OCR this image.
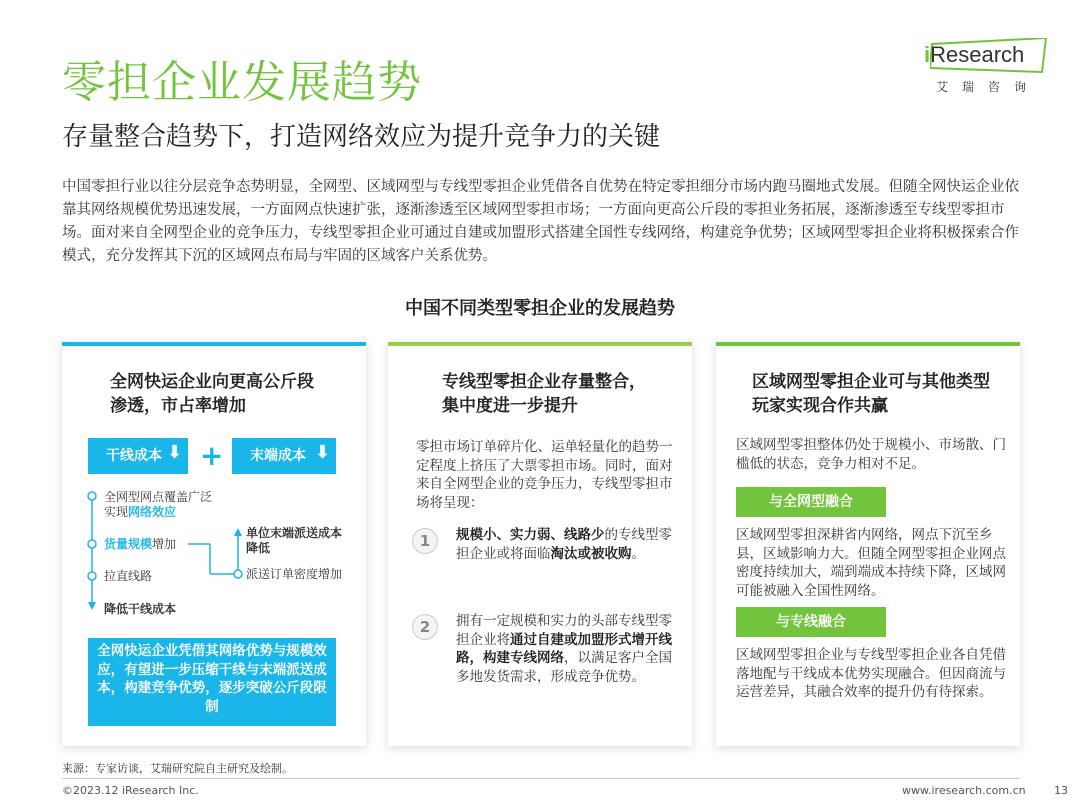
零担企业发展趋势
存量整合趋势下，打造网络效应为提升竞争力的关键
iResearch
艾瑞咨询
中国零担行业以往分层竞争态势明显，全网型、区域网型与专线型零担企业凭借各自优势在特定零担细分市场内跑马圈地式发展。但随全网快运企业依靠其网络规模优势迅速发展，一方面网点快速扩张，逐渐渗透至区域网型零担市场；一方面向更高公斤段的零担业务拓展，逐渐渗透至专线型零担市场。面对来自全网型企业的竞争压力，专线型零担企业可通过自建或加盟形式搭建全国性专线网络，构建竞争优势；区域网型零担企业将积极探索合作模式，充分发挥其下沉的区域网点布局与牢固的区域客户关系优势。
中国不同类型零担企业的发展趋势
全网快运企业向更高公斤段渗透，市占率增加
干线成本 ⬇ +	末端成本 ⬇
全网型网点覆盖广泛
实现网络效应
货量规模增加
拉直线路
降低干线成本
单位末端派送成本
降低
派送订单密度增加
全网快运企业凭借其网络优势与规模效应，有望进一步压缩干线与末端派送成本，构建竞争优势，逐步突破公斤段限制
专线型零担企业存量整合，集中度进一步提升
零担市场订单碎片化、运单轻量化的趋势一定程度上挤压了大票零担市场。同时，面对来自全网型企业的竞争压力，专线型零担市场将呈现：
1	规模小、实力弱、线路少的专线型零担企业或将面临淘汰或被收购。
2	拥有一定规模和实力的头部专线型零担企业将通过自建或加盟形式增开线路，构建专线网络，以满足客户全国多地发货需求，形成竞争优势。
区域网型零担企业可与其他类型玩家实现合作共赢
区域网型零担整体仍处于规模小、市场散、门槛低的状态，竞争力相对不足。
与全网型融合
区域网型零担深耕省内网络，网点下沉至乡县，区域影响力大。但随全网型零担企业网点密度持续加大，端到端成本持续下降，区域网可能被融入全国性网络。
与专线融合
区域网型零担企业与专线型零担企业各自凭借落地配与干线成本优势实现融合。但因商流与运营差异，其融合效率的提升仍有待探索。
来源：专家访谈，艾瑞研究院自主研究及绘制。
©2023.12 iResearch Inc.	www.iresearch.com.cn	13
